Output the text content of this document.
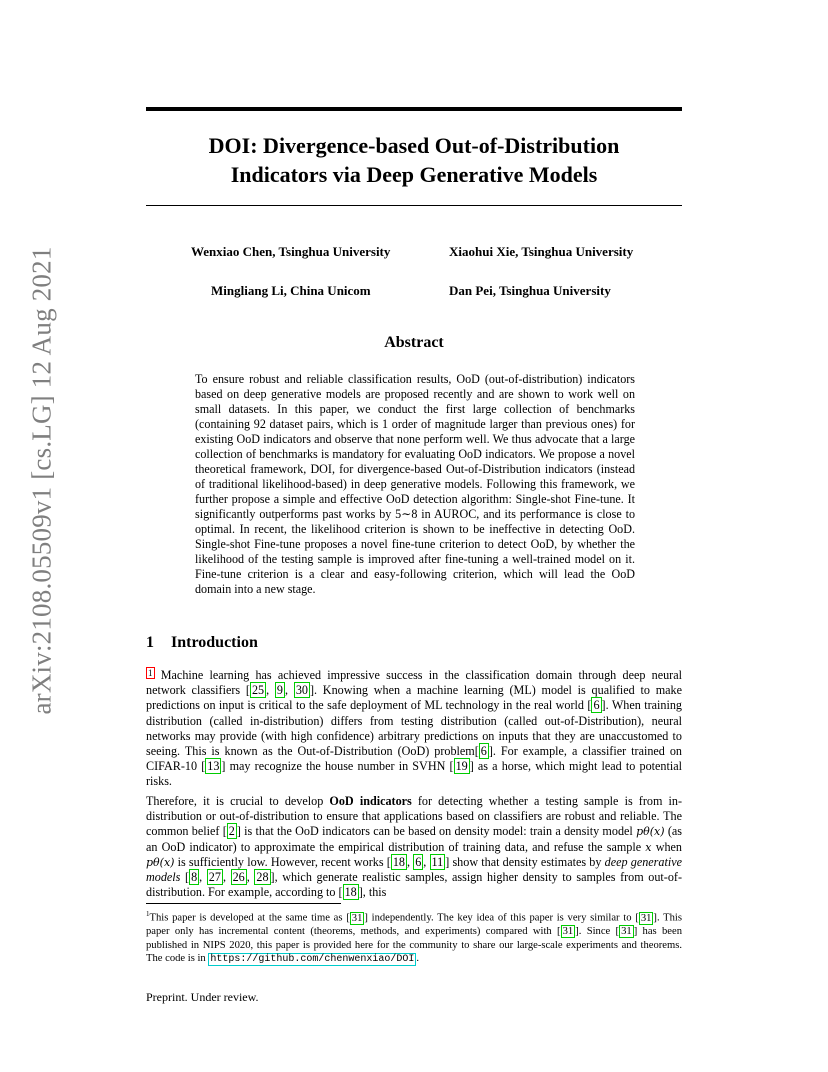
arXiv:2108.05509v1 [cs.LG] 12 Aug 2021
DOI: Divergence-based Out-of-Distribution
Indicators via Deep Generative Models
Wenxiao Chen, Tsinghua University	Xiaohui Xie, Tsinghua University
Mingliang Li, China Unicom	Dan Pei, Tsinghua University
Abstract

To ensure robust and reliable classification results, OoD (out-of-distribution) indicators based on deep generative models are proposed recently and are shown to work well on small datasets. In this paper, we conduct the first large collection of benchmarks (containing 92 dataset pairs, which is 1 order of magnitude larger than previous ones) for existing OoD indicators and observe that none perform well. We thus advocate that a large collection of benchmarks is mandatory for evaluating OoD indicators. We propose a novel theoretical framework, DOI, for divergence-based Out-of-Distribution indicators (instead of traditional likelihood-based) in deep generative models. Following this framework, we further propose a simple and effective OoD detection algorithm: Single-shot Fine-tune. It significantly outperforms past works by 5∼8 in AUROC, and its performance is close to optimal. In recent, the likelihood criterion is shown to be ineffective in detecting OoD. Single-shot Fine-tune proposes a novel fine-tune criterion to detect OoD, by whether the likelihood of the testing sample is improved after fine-tuning a well-trained model on it. Fine-tune criterion is a clear and easy-following criterion, which will lead the OoD domain into a new stage.

1 Introduction

$^1$ Machine learning has achieved impressive success in the classification domain through deep neural network classifiers [ 25 , 9 , 30 ]. Knowing when a machine learning (ML) model is qualified to make predictions on input is critical to the safe deployment of ML technology in the real world [ 6 ]. When training distribution (called in-distribution) differs from testing distribution (called out-of-Distribution), neural networks may provide (with high confidence) arbitrary predictions on inputs that they are unaccustomed to seeing. This is known as the Out-of-Distribution (OoD) problem[ 6 ]. For example, a classifier trained on CIFAR-10 [ 13 ] may recognize the house number in SVHN [ 19 ] as a horse, which might lead to potential risks.

Therefore, it is crucial to develop OoD indicators for detecting whether a testing sample is from in-distribution or out-of-distribution to ensure that applications based on classifiers are robust and reliable. The common belief [ 2 ] is that the OoD indicators can be based on density model: train a density model pθ(x) (as an OoD indicator) to approximate the empirical distribution of training data, and refuse the sample x when pθ(x) is sufficiently low. However, recent works [ 18 , 6 , 11 ] show that density estimates by deep generative models [ 8 , 27 , 26 , 28 ], which generate realistic samples, assign higher density to samples from out-of-distribution. For example, according to [ 18 ], this

$^1$This paper is developed at the same time as [ 31 ] independently. The key idea of this paper is very similar to [ 31 ]. This paper only has incremental content (theorems, methods, and experiments) compared with [ 31 ]. Since [ 31 ] has been published in NIPS 2020, this paper is provided here for the community to share our large-scale experiments and theorems. The code is in https://github.com/chenwenxiao/DOI .

Preprint. Under review.
